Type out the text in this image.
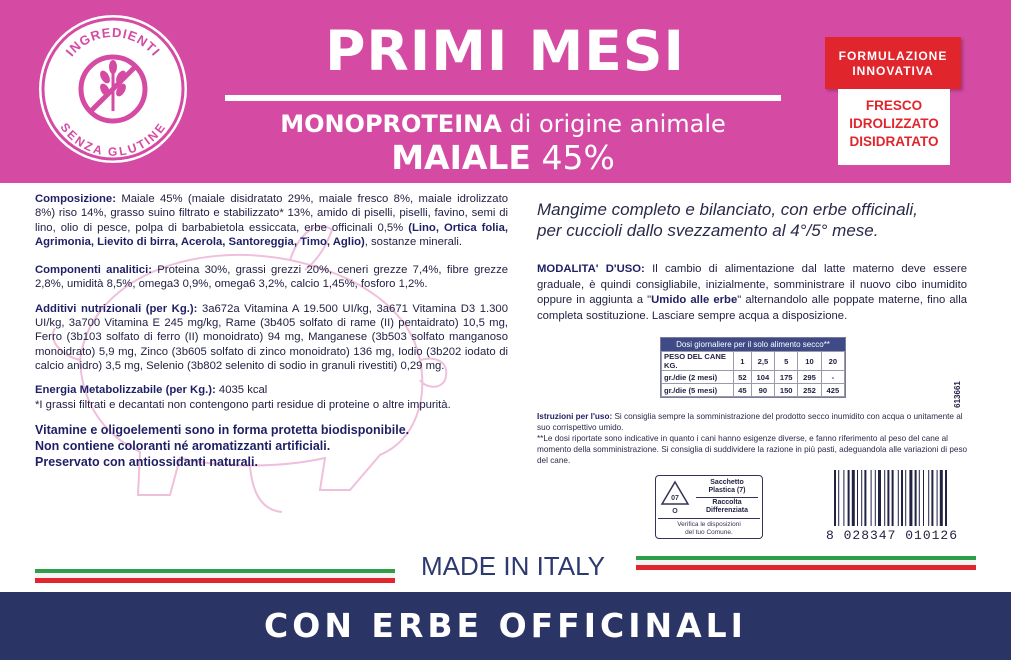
INGREDIENTI
SENZA GLUTINE
PRIMI MESI
MONOPROTEINA di origine animale
MAIALE 45%
FORMULAZIONE
INNOVATIVA
FRESCO
IDROLIZZATO
DISIDRATATO

Composizione: Maiale 45% (maiale disidratato 29%, maiale fresco 8%, maiale idrolizzato 8%) riso 14%, grasso suino filtrato e stabilizzato* 13%, amido di piselli, piselli, favino, semi di lino, olio di pesce, polpa di barbabietola essiccata, erbe officinali 0,5% (Lino, Ortica folia, Agrimonia, Lievito di birra, Acerola, Santoreggia, Timo, Aglio), sostanze minerali.

Componenti analitici: Proteina 30%, grassi grezzi 20%, ceneri grezze 7,4%, fibre grezze 2,8%, umidità 8,5%, omega3 0,9%, omega6 3,2%, calcio 1,45%, fosforo 1,2%.

Additivi nutrizionali (per Kg.): 3a672a Vitamina A 19.500 UI/kg, 3a671 Vitamina D3 1.300 UI/kg, 3a700 Vitamina E 245 mg/kg, Rame (3b405 solfato di rame (II) pentaidrato) 10,5 mg, Ferro (3b103 solfato di ferro (II) monoidrato) 94 mg, Manganese (3b503 solfato manganoso monoidrato) 5,9 mg, Zinco (3b605 solfato di zinco monoidrato) 136 mg, Iodio (3b202 iodato di calcio anidro) 3,5 mg, Selenio (3b802 selenito di sodio in granuli rivestiti) 0,29 mg.

Energia Metabolizzabile (per Kg.): 4035 kcal

*I grassi filtrati e decantati non contengono parti residue di proteine o altre impurità.

Vitamine e oligoelementi sono in forma protetta biodisponibile.

Non contiene coloranti né aromatizzanti artificiali.

Preservato con antiossidanti naturali.

Mangime completo e bilanciato, con erbe officinali,
per cuccioli dallo svezzamento al 4°/5° mese.
MODALITA' D'USO: Il cambio di alimentazione dal latte materno deve essere graduale, è quindi consigliabile, inizialmente, somministrare il nuovo cibo inumidito oppure in aggiunta a "Umido alle erbe" alternandolo alle poppate materne, fino alla completa sostituzione. Lasciare sempre acqua a disposizione.
Dosi giornaliere per il solo alimento secco**
PESO DEL CANE KG.	1	2,5	5	10	20
gr./die (2 mesi)	52	104	175	295	-
gr./die (5 mesi)	45	90	150	252	425	613661

Istruzioni per l'uso: Si consiglia sempre la somministrazione del prodotto secco inumidito con acqua o unitamente al suo corrispettivo umido.

**Le dosi riportate sono indicative in quanto i cani hanno esigenze diverse, e fanno riferimento al peso del cane al momento della somministrazione. Si consiglia di suddividere la razione in più pasti, adeguandola alle variazioni di peso del cane.

07
O
Sacchetto
Plastica (7)
Raccolta
Differenziata
Verifica le disposizioni
del tuo Comune.	8 028347 010126
MADE IN ITALY
CON ERBE OFFICINALI
